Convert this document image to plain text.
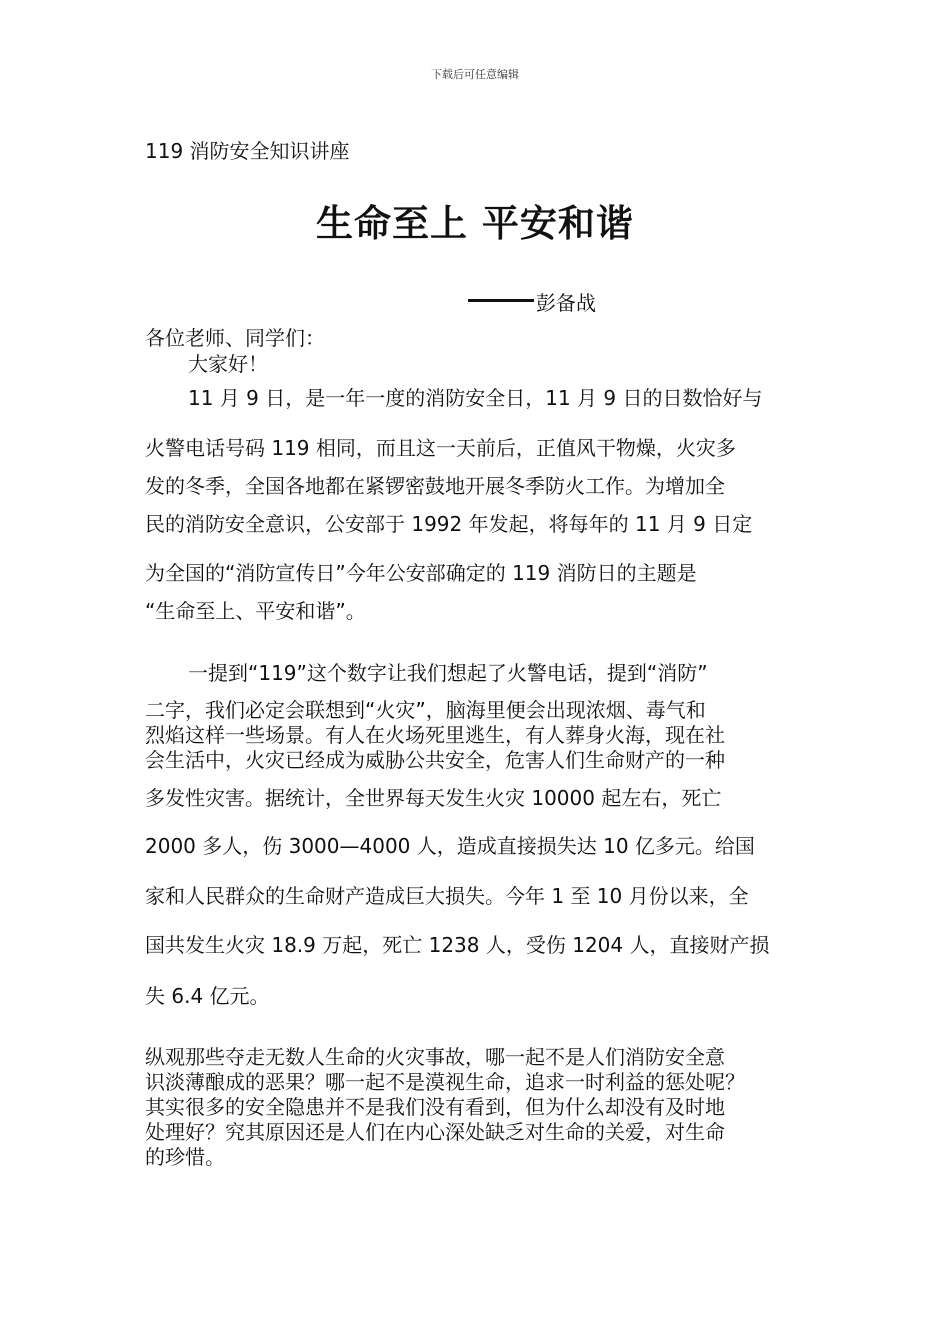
下载后可任意编辑
119 消防安全知识讲座
生命至上 平安和谐
彭备战
各位老师、同学们：
大家好！
11 月 9 日，是一年一度的消防安全日，11 月 9 日的日数恰好与
火警电话号码 119 相同，而且这一天前后，正值风干物燥，火灾多
发的冬季，全国各地都在紧锣密鼓地开展冬季防火工作。为增加全
民的消防安全意识，公安部于 1992 年发起，将每年的 11 月 9 日定
为全国的“消防宣传日”今年公安部确定的 119 消防日的主题是
“生命至上、平安和谐”。
一提到“119”这个数字让我们想起了火警电话，提到“消防”
二字，我们必定会联想到“火灾”，脑海里便会出现浓烟、毒气和
烈焰这样一些场景。有人在火场死里逃生，有人葬身火海，现在社
会生活中，火灾已经成为威胁公共安全，危害人们生命财产的一种
多发性灾害。据统计，全世界每天发生火灾 10000 起左右，死亡
2000 多人，伤 3000—4000 人，造成直接损失达 10 亿多元。给国
家和人民群众的生命财产造成巨大损失。今年 1 至 10 月份以来，全
国共发生火灾 18.9 万起，死亡 1238 人，受伤 1204 人，直接财产损
失 6.4 亿元。
纵观那些夺走无数人生命的火灾事故，哪一起不是人们消防安全意
识淡薄酿成的恶果？哪一起不是漠视生命，追求一时利益的惩处呢？
其实很多的安全隐患并不是我们没有看到，但为什么却没有及时地
处理好？究其原因还是人们在内心深处缺乏对生命的关爱，对生命
的珍惜。
